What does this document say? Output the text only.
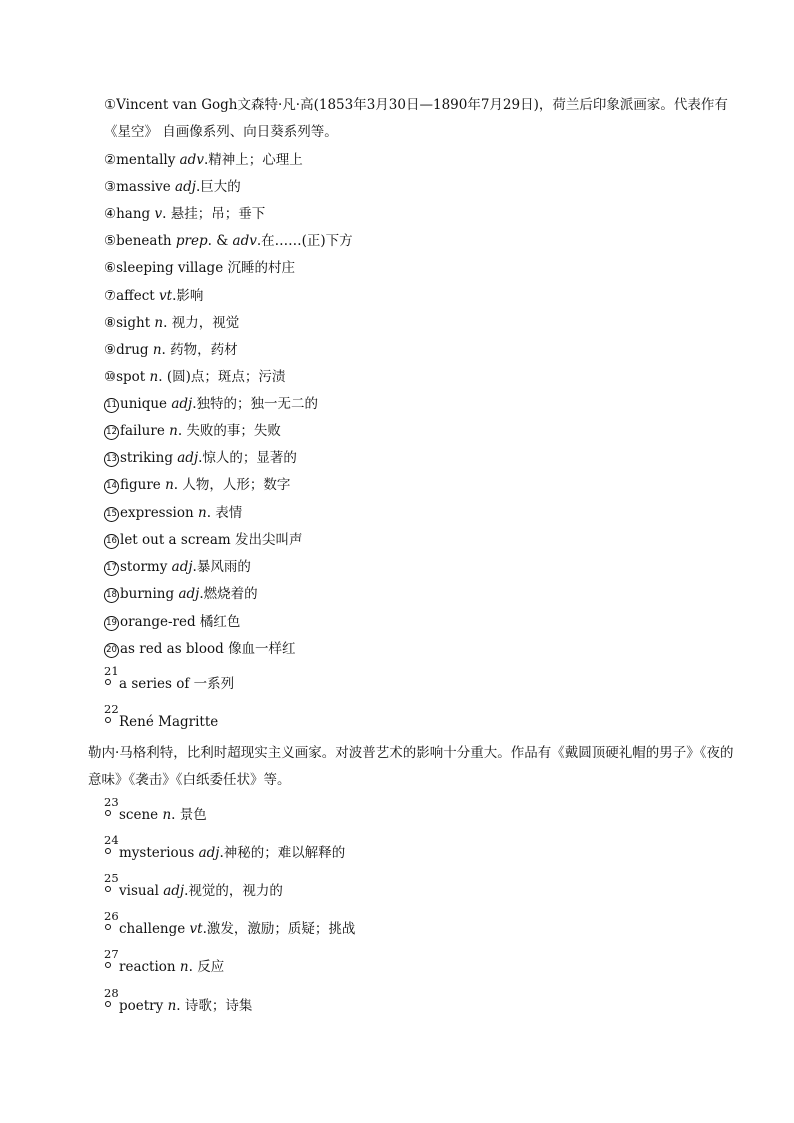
①Vincent van Gogh文森特·凡·高(1853年3月30日—1890年7月29日)，荷兰后印象派画家。代表作有《星空》 自画像系列、向日葵系列等。
②mentally adv.精神上；心理上
③massive adj.巨大的
④hang v. 悬挂；吊；垂下
⑤beneath prep. & adv.在……(正)下方
⑥sleeping village 沉睡的村庄
⑦affect vt.影响
⑧sight n. 视力，视觉
⑨drug n. 药物，药材
⑩spot n. (圆)点；斑点；污渍
11 unique adj.独特的；独一无二的
12 failure n. 失败的事；失败
13 striking adj.惊人的；显著的
14 figure n. 人物，人形；数字
15 expression n. 表情
16 let out a scream 发出尖叫声
17 stormy adj.暴风雨的
18 burning adj.燃烧着的
19 orange-red 橘红色
20 as red as blood 像血一样红
21
a series of 一系列
22
René Magritte
勒内·马格利特，比利时超现实主义画家。对波普艺术的影响十分重大。作品有《戴圆顶硬礼帽的男子》《夜的意味》《袭击》《白纸委任状》等。
23
scene n. 景色
24
mysterious adj.神秘的；难以解释的
25
visual adj.视觉的，视力的
26
challenge vt.激发，激励；质疑；挑战
27
reaction n. 反应
28
poetry n. 诗歌；诗集
